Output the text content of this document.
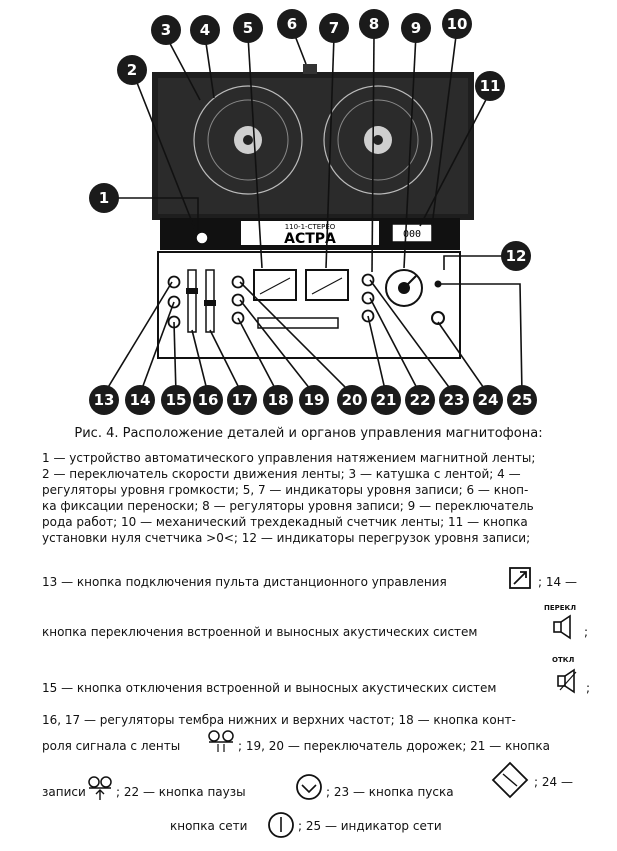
110-1-СТЕРЕО
АСТРА	000
1
2
3 4 5 6 7 8 9 10
11
12
13 14 15 16 17 18 19 20 21 22 23 24 25
Рис. 4. Расположение деталей и органов управления магнитофона:
1 — устройство автоматического управления натяжением магнитной ленты;
2 — переключатель скорости движения ленты; 3 — катушка с лентой; 4 —
регуляторы уровня громкости; 5, 7 — индикаторы уровня записи; 6 — кноп-
ка фиксации переноски; 8 — регуляторы уровня записи; 9 — переключатель
рода работ; 10 — механический трехдекадный счетчик ленты; 11 — кнопка
установки нуля счетчика >0<; 12 — индикаторы перегрузок уровня записи;
13 — кнопка подключения пульта дистанционного управления	; 14 —
кнопка переключения встроенной и выносных акустических систем
ПЕРЕКЛ
;
15 — кнопка отключения встроенной и выносных акустических систем
ОТКЛ
;
16, 17 — регуляторы тембра нижних и верхних частот; 18 — кнопка конт-
роля сигнала с ленты	; 19, 20 — переключатель дорожек; 21 — кнопка
записи	; 22 — кнопка паузы	; 23 — кнопка пуска
; 24 —
кнопка сети	; 25 — индикатор сети
